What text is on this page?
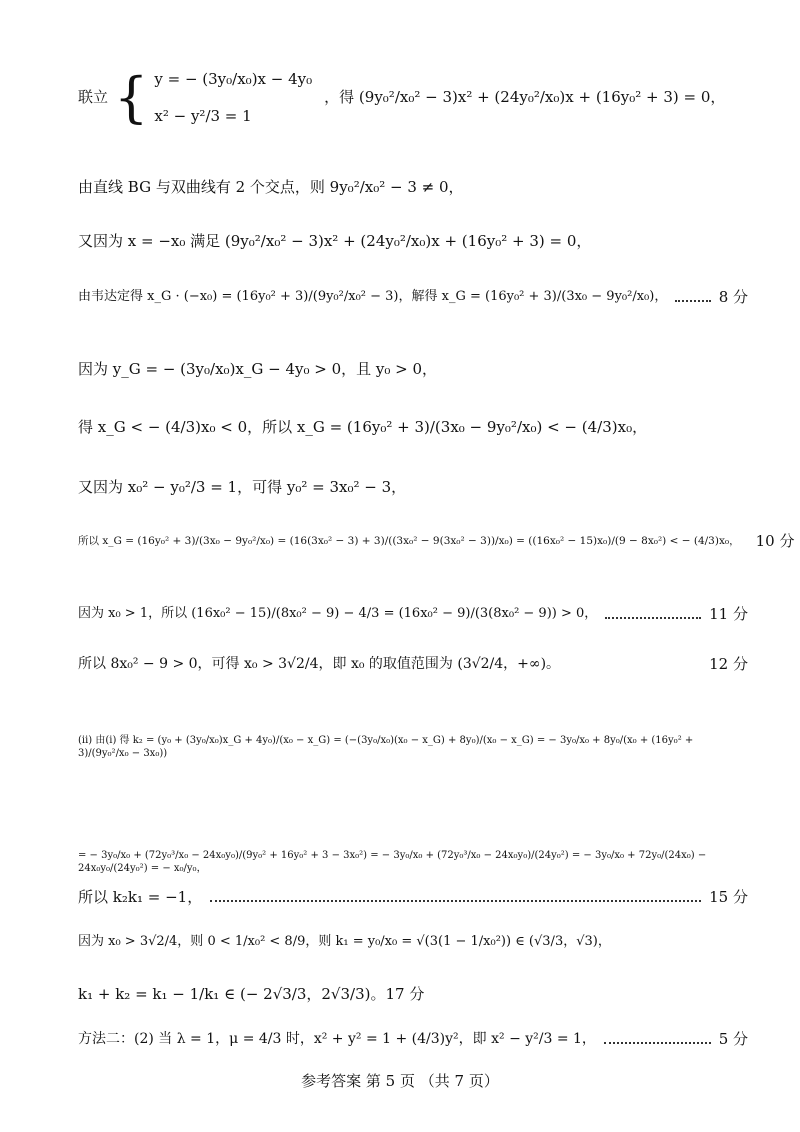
联立 { y = − (3y₀/x₀)x − 4y₀
x² − y²/3 = 1
，得 (9y₀²/x₀² − 3)x² + (24y₀²/x₀)x + (16y₀² + 3) = 0，
由直线 BG 与双曲线有 2 个交点，则 9y₀²/x₀² − 3 ≠ 0，
又因为 x = −x₀ 满足 (9y₀²/x₀² − 3)x² + (24y₀²/x₀)x + (16y₀² + 3) = 0，
由韦达定得 x_G · (−x₀) = (16y₀² + 3)/(9y₀²/x₀² − 3)，解得 x_G = (16y₀² + 3)/(3x₀ − 9y₀²/x₀)，	8 分
因为 y_G = − (3y₀/x₀)x_G − 4y₀ > 0，且 y₀ > 0，
得 x_G < − (4/3)x₀ < 0，所以 x_G = (16y₀² + 3)/(3x₀ − 9y₀²/x₀) < − (4/3)x₀，
又因为 x₀² − y₀²/3 = 1，可得 y₀² = 3x₀² − 3，
所以 x_G = (16y₀² + 3)/(3x₀ − 9y₀²/x₀) = (16(3x₀² − 3) + 3)/((3x₀² − 9(3x₀² − 3))/x₀) = ((16x₀² − 15)x₀)/(9 − 8x₀²) < − (4/3)x₀， 10 分
因为 x₀ > 1，所以 (16x₀² − 15)/(8x₀² − 9) − 4/3 = (16x₀² − 9)/(3(8x₀² − 9)) > 0，	11 分
所以 8x₀² − 9 > 0，可得 x₀ > 3√2/4，即 x₀ 的取值范围为 (3√2/4，+∞)。	12 分
(ⅱ) 由(ⅰ) 得 k₂ = (y₀ + (3y₀/x₀)x_G + 4y₀)/(x₀ − x_G) = (−(3y₀/x₀)(x₀ − x_G) + 8y₀)/(x₀ − x_G) = − 3y₀/x₀ + 8y₀/(x₀ + (16y₀² + 3)/(9y₀²/x₀ − 3x₀))
= − 3y₀/x₀ + (72y₀³/x₀ − 24x₀y₀)/(9y₀² + 16y₀² + 3 − 3x₀²) = − 3y₀/x₀ + (72y₀³/x₀ − 24x₀y₀)/(24y₀²) = − 3y₀/x₀ + 72y₀/(24x₀) − 24x₀y₀/(24y₀²) = − x₀/y₀，
所以 k₂k₁ = −1，	15 分
因为 x₀ > 3√2/4，则 0 < 1/x₀² < 8/9，则 k₁ = y₀/x₀ = √(3(1 − 1/x₀²)) ∈ (√3/3，√3)，
k₁ + k₂ = k₁ − 1/k₁ ∈ (− 2√3/3，2√3/3)。17 分
方法二：(2) 当 λ = 1，μ = 4/3 时，x² + y² = 1 + (4/3)y²，即 x² − y²/3 = 1，	5 分
参考答案 第 5 页 （共 7 页）
